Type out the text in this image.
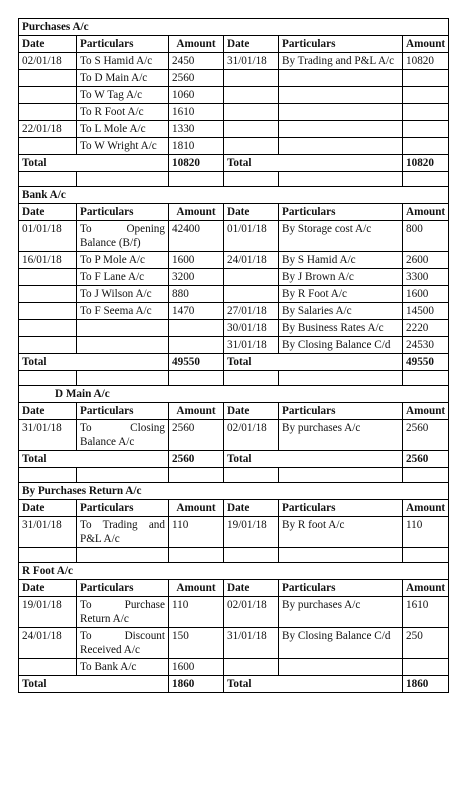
Purchases A/c					
Date	Particulars	Amount	Date	Particulars	Amount
02/01/18	To S Hamid A/c	2450	31/01/18	By Trading and P&L A/c	10820
	To D Main A/c	2560			
	To W Tag A/c	1060			
	To R Foot A/c	1610			
22/01/18	To L Mole A/c	1330			
	To W Wright A/c	1810			
Total		10820	Total		10820

Bank A/c					
Date	Particulars	Amount	Date	Particulars	Amount
01/01/18	To Opening Balance (B/f)	42400	01/01/18	By Storage cost A/c	800
16/01/18	To P Mole A/c	1600	24/01/18	By S Hamid A/c	2600
	To F Lane A/c	3200		By J Brown A/c	3300
	To J Wilson A/c	880		By R Foot A/c	1600
	To F Seema A/c	1470	27/01/18	By Salaries A/c	14500
			30/01/18	By Business Rates A/c	2220
			31/01/18	By Closing Balance C/d	24530
Total		49550	Total		49550

D Main A/c					
Date	Particulars	Amount	Date	Particulars	Amount
31/01/18	To Closing Balance A/c	2560	02/01/18	By purchases A/c	2560
Total		2560	Total		2560

By Purchases Return A/c					
Date	Particulars	Amount	Date	Particulars	Amount
31/01/18	To Trading and P&L A/c	110	19/01/18	By R foot A/c	110

R Foot A/c					
Date	Particulars	Amount	Date	Particulars	Amount
19/01/18	To Purchase Return A/c	110	02/01/18	By purchases A/c	1610
24/01/18	To Discount Received A/c	150	31/01/18	By Closing Balance C/d	250
	To Bank A/c	1600			
Total		1860	Total		1860
